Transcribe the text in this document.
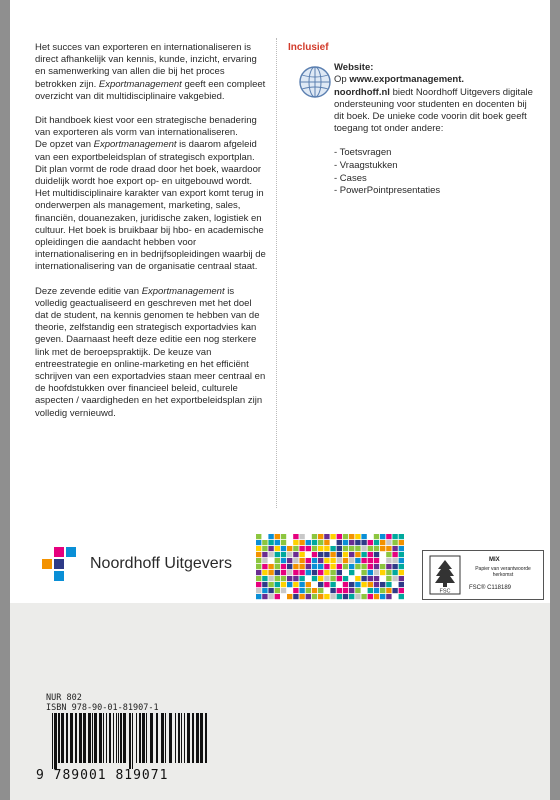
Het succes van exporteren en internationaliseren is direct afhankelijk van kennis, kunde, inzicht, ervaring en samenwerking van allen die bij het proces betrokken zijn. Exportmanagement geeft een compleet overzicht van dit multidisciplinaire vakgebied.

Dit handboek kiest voor een strategische benadering van exporteren als vorm van internationaliseren.

De opzet van Exportmanagement is daarom afgeleid van een exportbeleidsplan of strategisch exportplan. Dit plan vormt de rode draad door het boek, waardoor duidelijk wordt hoe export op- en uitgebouwd wordt. Het multidisciplinaire karakter van export komt terug in onderwerpen als management, marketing, sales, financiën, douanezaken, juridische zaken, logistiek en cultuur. Het boek is bruikbaar bij hbo- en academische opleidingen die aandacht hebben voor internationalisering en in bedrijfsopleidingen waarbij de internationalisering van de organisatie centraal staat.

Deze zevende editie van Exportmanagement is volledig geactualiseerd en geschreven met het doel dat de student, na kennis genomen te hebben van de theorie, zelfstandig een strategisch exportadvies kan geven. Daarnaast heeft deze editie een nog sterkere link met de beroepspraktijk. De keuze van entreestrategie en online-marketing en het efficiënt schrijven van een exportadvies staan meer centraal en de hoofdstukken over financieel beleid, culturele aspecten / vaardigheden en het exportbeleidsplan zijn volledig vernieuwd.

Inclusief
Website:
Op www.exportmanagement.
noordhoff.nl biedt Noordhoff Uitgevers digitale ondersteuning voor studenten en docenten bij dit boek. De unieke code voorin dit boek geeft toegang tot onder andere:
- Toetsvragen
- Vraagstukken
- Cases
- PowerPointpresentaties
Noordhoff Uitgevers
FSC
MIX
Papier van verantwoorde herkomst
FSC® C118189
NUR 802
ISBN 978-90-01-81907-1
9 789001 819071
